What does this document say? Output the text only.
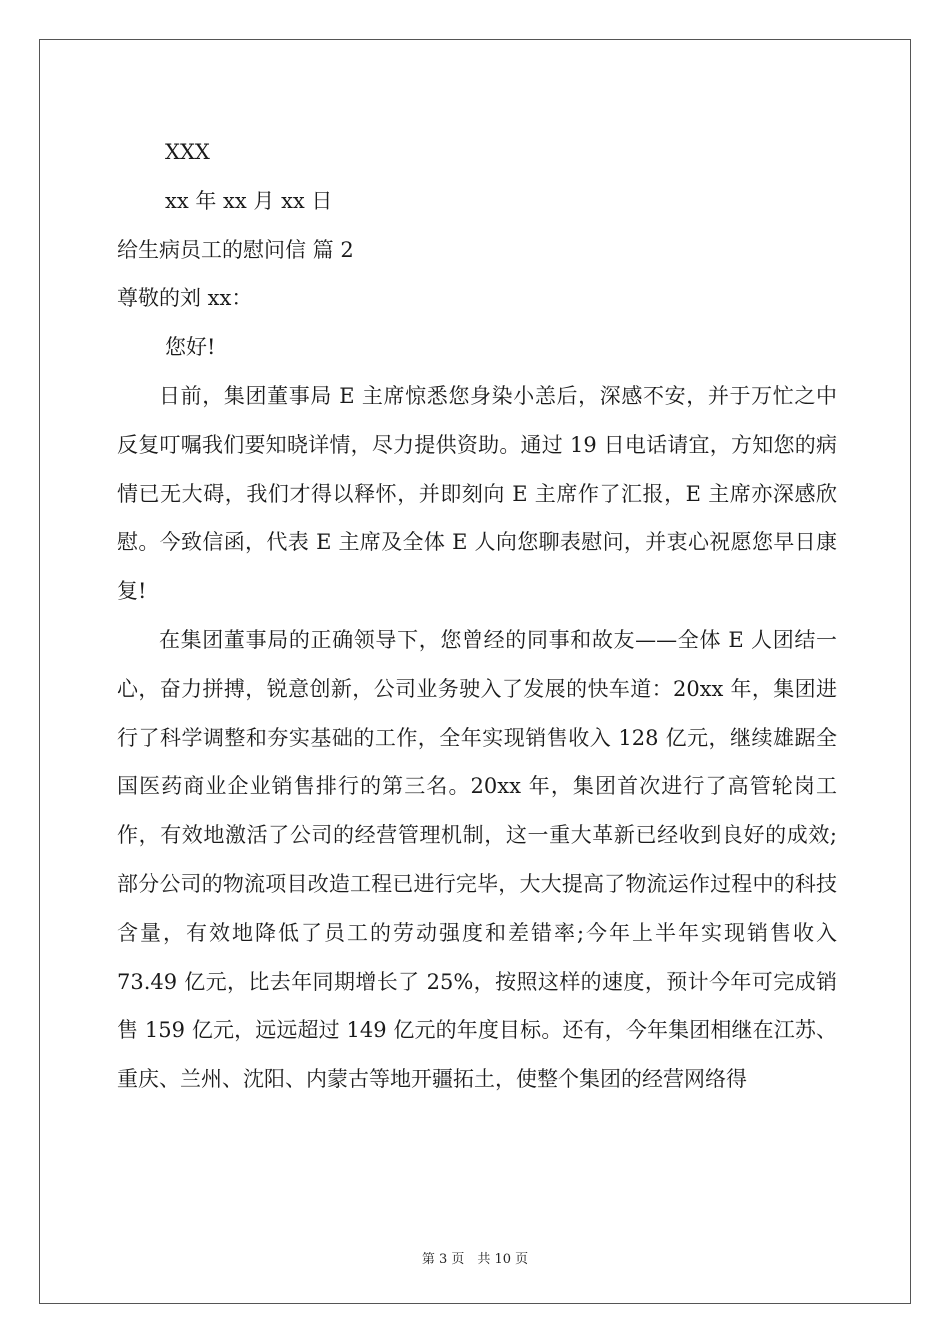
XXX
xx 年 xx 月 xx 日
给生病员工的慰问信 篇 2
尊敬的刘 xx：
您好!

日前，集团董事局 E 主席惊悉您身染小恙后，深感不安，并于万忙之中反复叮嘱我们要知晓详情，尽力提供资助。通过 19 日电话请宜，方知您的病情已无大碍，我们才得以释怀，并即刻向 E 主席作了汇报，E 主席亦深感欣慰。今致信函，代表 E 主席及全体 E 人向您聊表慰问，并衷心祝愿您早日康复!

在集团董事局的正确领导下，您曾经的同事和故友——全体 E 人团结一心，奋力拼搏，锐意创新，公司业务驶入了发展的快车道：20xx 年，集团进行了科学调整和夯实基础的工作，全年实现销售收入 128 亿元，继续雄踞全国医药商业企业销售排行的第三名。20xx 年，集团首次进行了高管轮岗工作，有效地激活了公司的经营管理机制，这一重大革新已经收到良好的成效;部分公司的物流项目改造工程已进行完毕，大大提高了物流运作过程中的科技含量，有效地降低了员工的劳动强度和差错率;今年上半年实现销售收入 73.49 亿元，比去年同期增长了 25%，按照这样的速度，预计今年可完成销售 159 亿元，远远超过 149 亿元的年度目标。还有，今年集团相继在江苏、重庆、兰州、沈阳、内蒙古等地开疆拓土，使整个集团的经营网络得

第 3 页　共 10 页
